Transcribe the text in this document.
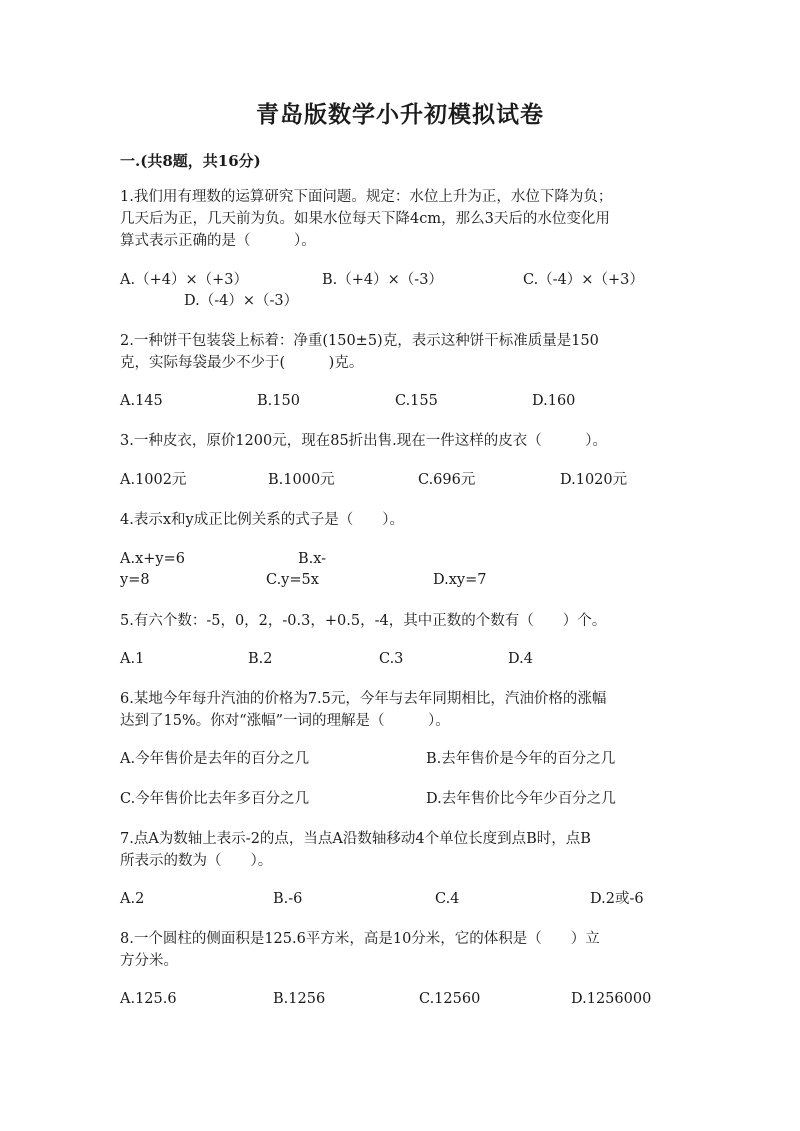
青岛版数学小升初模拟试卷
一.(共8题，共16分)
1.我们用有理数的运算研究下面问题。规定：水位上升为正，水位下降为负；
几天后为正，几天前为负。如果水位每天下降4cm，那么3天后的水位变化用
算式表示正确的是（　　　）。
A.（+4）×（+3）	B.（+4）×（-3）	C.（-4）×（+3）
D.（-4）×（-3）
2.一种饼干包装袋上标着：净重(150±5)克，表示这种饼干标准质量是150
克，实际每袋最少不少于(　　　)克。
A.145	B.150	C.155	D.160
3.一种皮衣，原价1200元，现在85折出售.现在一件这样的皮衣（　　　）。
A.1002元	B.1000元	C.696元	D.1020元
4.表示x和y成正比例关系的式子是（　　）。
A.x+y=6	B.x-
y=8	C.y=5x	D.xy=7
5.有六个数：-5，0，2，-0.3，+0.5，-4，其中正数的个数有（　　）个。
A.1	B.2	C.3	D.4
6.某地今年每升汽油的价格为7.5元，今年与去年同期相比，汽油价格的涨幅
达到了15%。你对“涨幅”一词的理解是（　　　）。
A.今年售价是去年的百分之几	B.去年售价是今年的百分之几
C.今年售价比去年多百分之几	D.去年售价比今年少百分之几
7.点A为数轴上表示-2的点，当点A沿数轴移动4个单位长度到点B时，点B
所表示的数为（　　）。
A.2	B.-6	C.4	D.2或-6
8.一个圆柱的侧面积是125.6平方米，高是10分米，它的体积是（　　）立
方分米。
A.125.6	B.1256	C.12560	D.1256000
